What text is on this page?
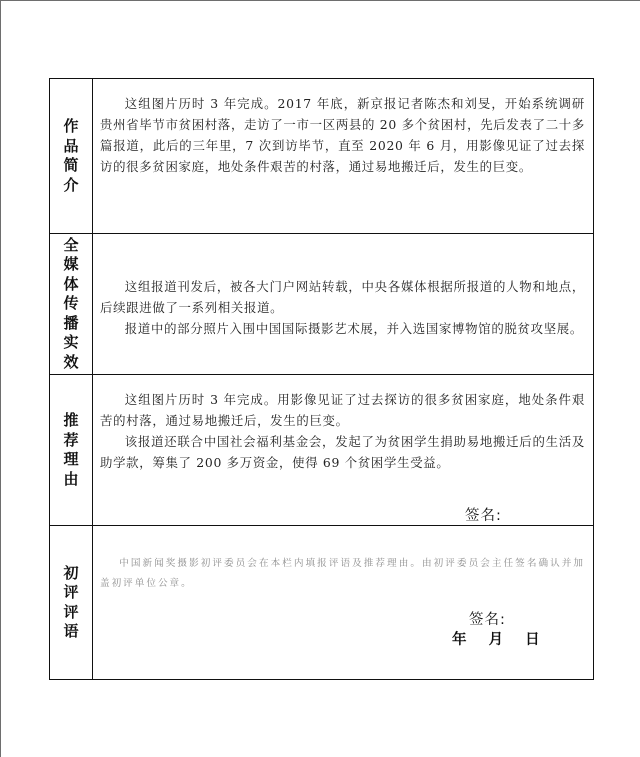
作
品
简
介

这组图片历时 3 年完成。2017 年底，新京报记者陈杰和刘旻，开始系统调研贵州省毕节市贫困村落，走访了一市一区两县的 20 多个贫困村，先后发表了二十多篇报道，此后的三年里，7 次到访毕节，直至 2020 年 6 月，用影像见证了过去探访的很多贫困家庭，地处条件艰苦的村落，通过易地搬迁后，发生的巨变。

全
媒
体
传
播
实
效

这组报道刊发后，被各大门户网站转载，中央各媒体根据所报道的人物和地点，后续跟进做了一系列相关报道。

报道中的部分照片入围中国国际摄影艺术展，并入选国家博物馆的脱贫攻坚展。

推
荐
理
由

这组图片历时 3 年完成。用影像见证了过去探访的很多贫困家庭，地处条件艰苦的村落，通过易地搬迁后，发生的巨变。

该报道还联合中国社会福利基金会，发起了为贫困学生捐助易地搬迁后的生活及助学款，筹集了 200 多万资金，使得 69 个贫困学生受益。

签名:
初
评
评
语

中国新闻奖摄影初评委员会在本栏内填报评语及推荐理由。由初评委员会主任签名确认并加盖初评单位公章。

签名:
年 月 日
